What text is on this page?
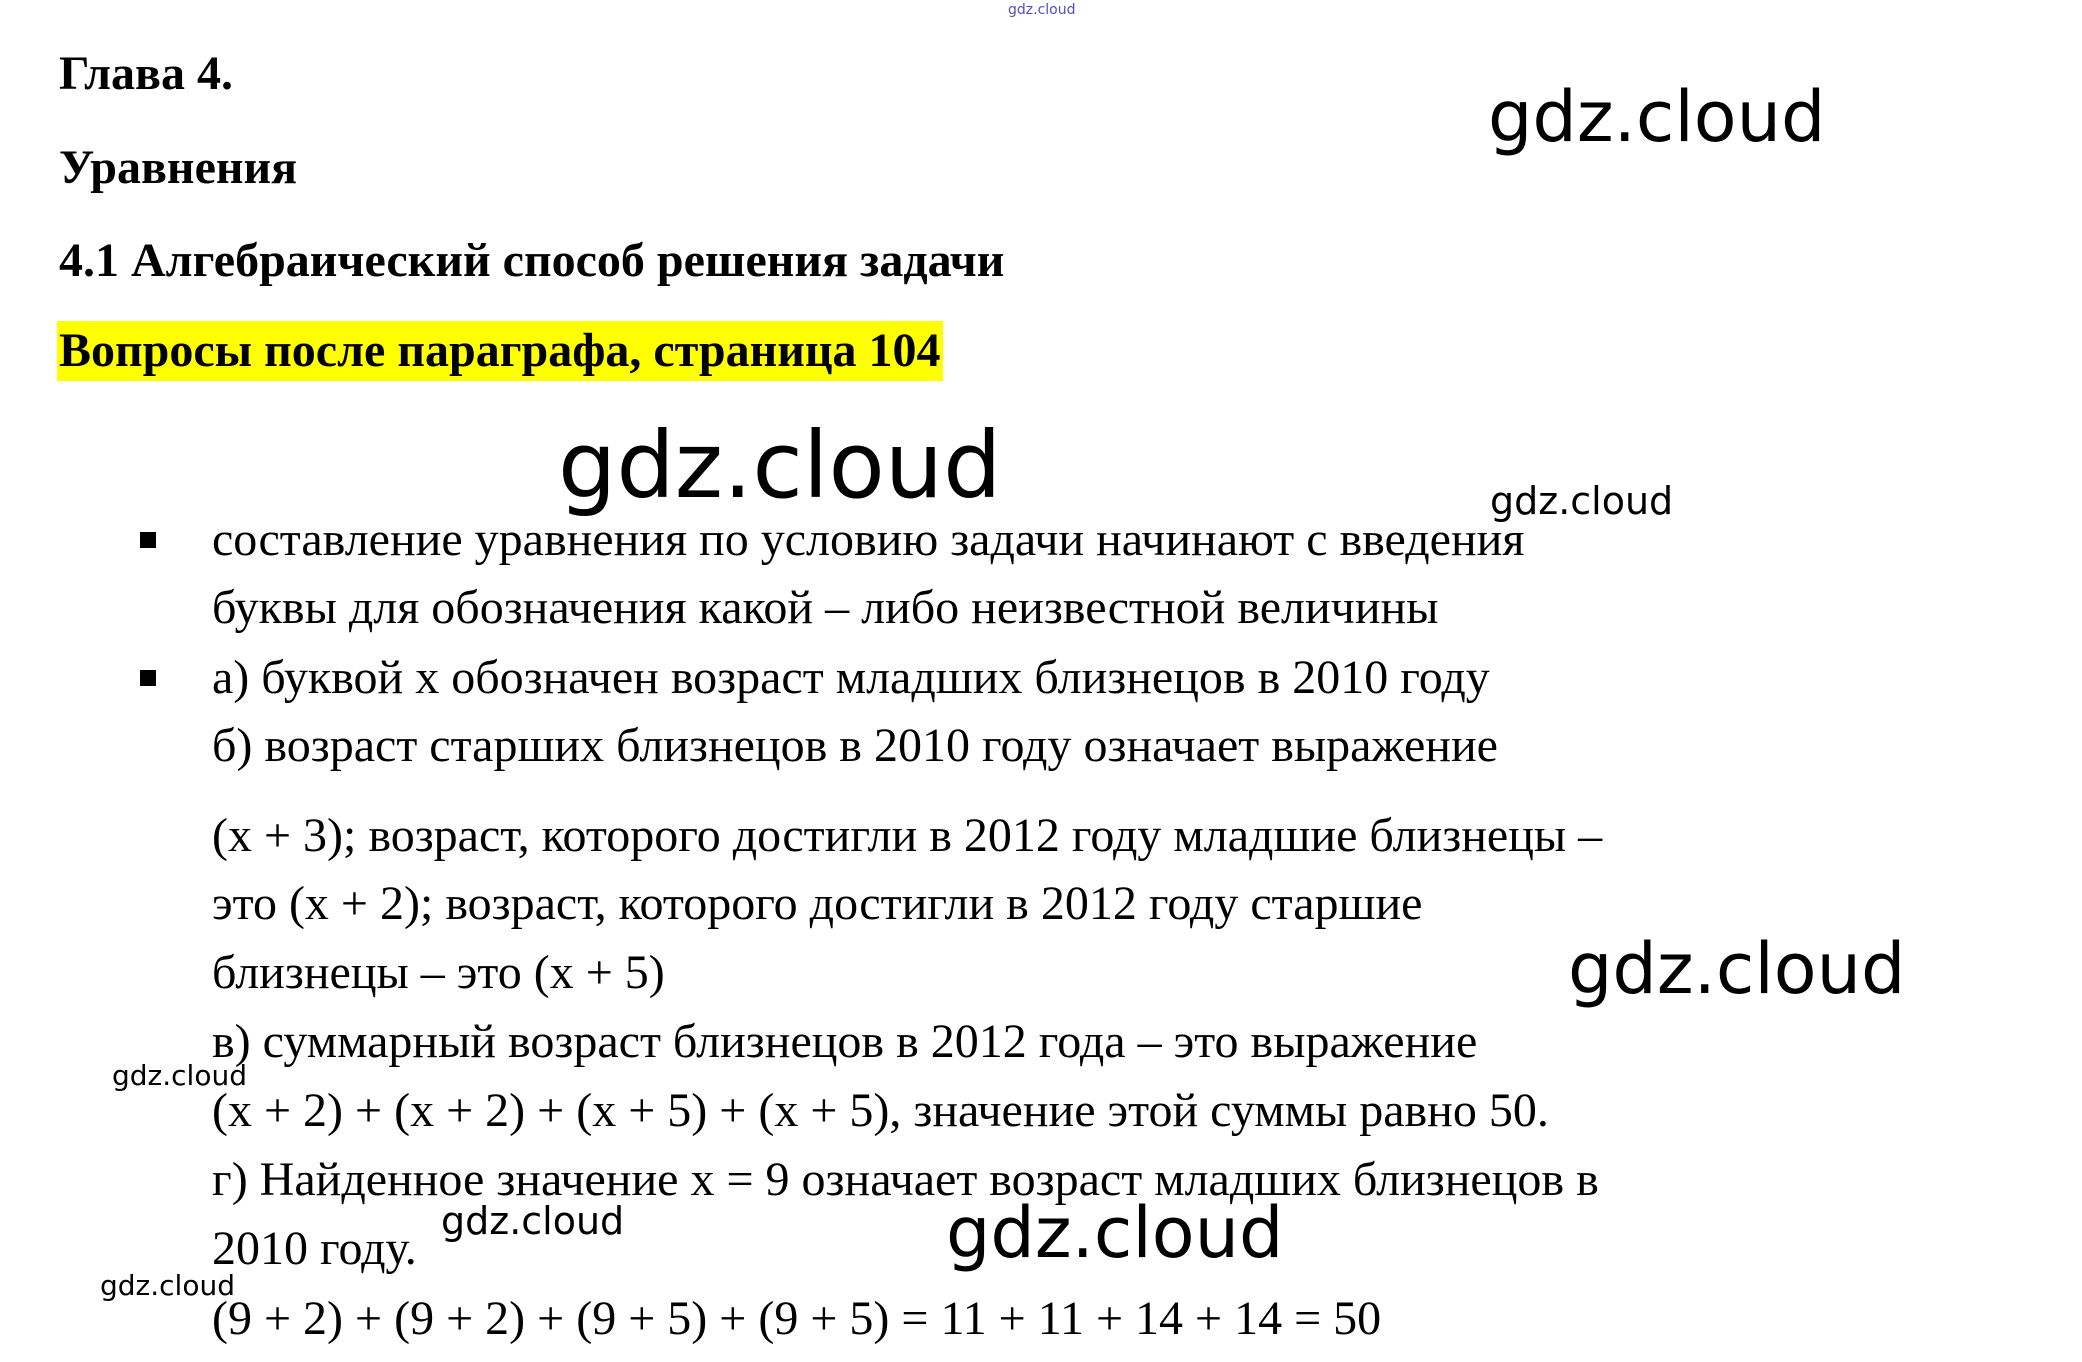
gdz.cloud
Глава 4.
Уравнения
4.1 Алгебраический способ решения задачи
Вопросы после параграфа, страница 104
gdz.cloud
gdz.cloud	gdz.cloud

составление уравнения по условию задачи начинают с введения

буквы для обозначения какой – либо неизвестной величины

а) буквой x обозначен возраст младших близнецов в 2010 году

б) возраст старших близнецов в 2010 году означает выражение

(x + 3); возраст, которого достигли в 2012 году младшие близнецы –

это (x + 2); возраст, которого достигли в 2012 году старшие

близнецы – это (x + 5)

в) суммарный возраст близнецов в 2012 года – это выражение

(x + 2) + (x + 2) + (x + 5) + (x + 5), значение этой суммы равно 50.

г) Найденное значение x = 9 означает возраст младших близнецов в

2010 году.

(9 + 2) + (9 + 2) + (9 + 5) + (9 + 5) = 11 + 11 + 14 + 14 = 50

gdz.cloud
gdz.cloud
gdz.cloud	gdz.cloud
gdz.cloud
